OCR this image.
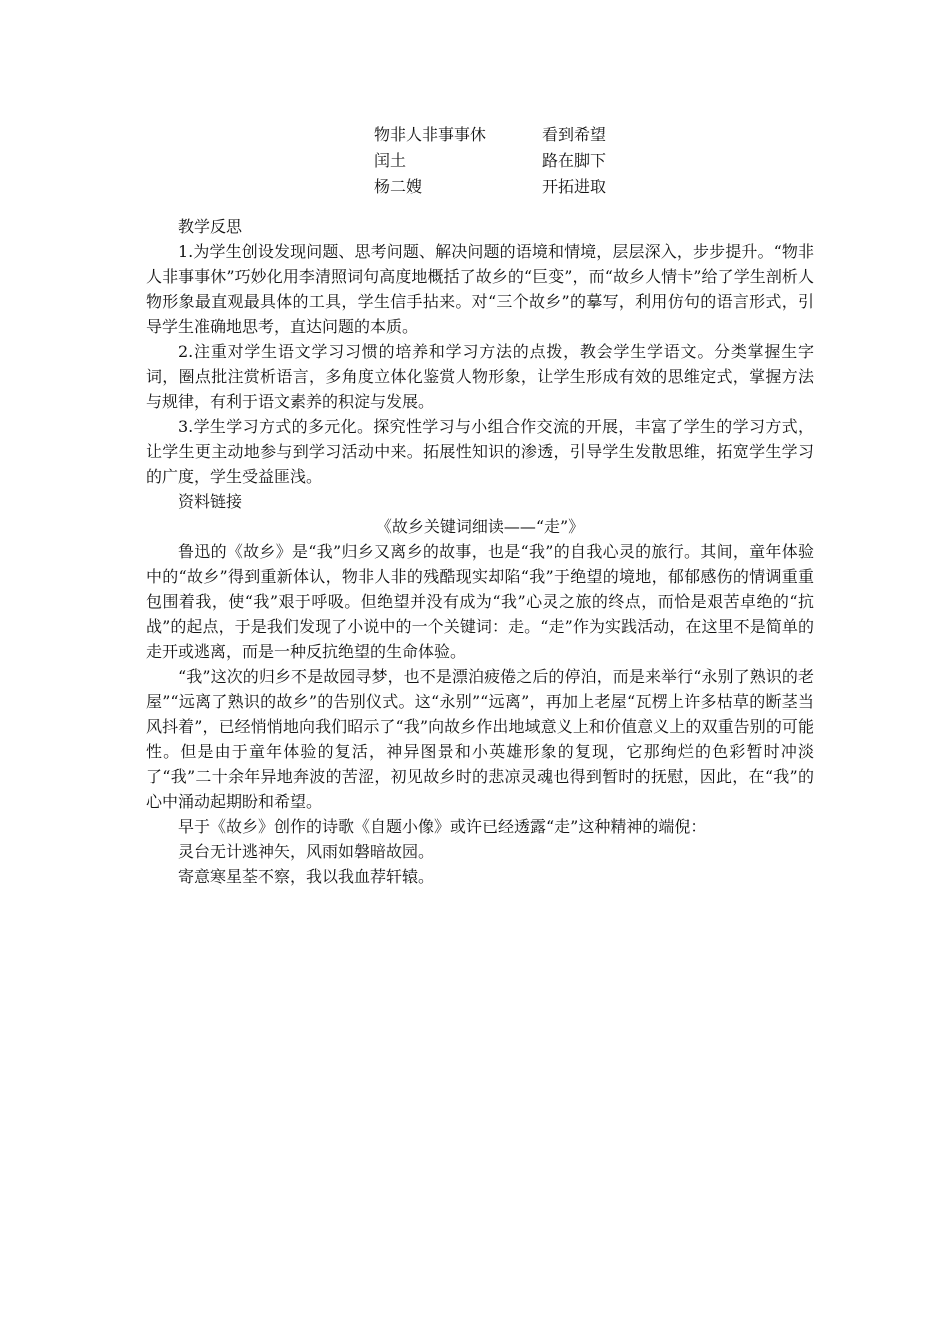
物非人非事事休	看到希望
闰土	路在脚下
杨二嫂	开拓进取
教学反思

1.为学生创设发现问题、思考问题、解决问题的语境和情境，层层深入，步步提升。“物非人非事事休”巧妙化用李清照词句高度地概括了故乡的“巨变”，而“故乡人情卡”给了学生剖析人物形象最直观最具体的工具，学生信手拈来。对“三个故乡”的摹写，利用仿句的语言形式，引导学生准确地思考，直达问题的本质。

2.注重对学生语文学习习惯的培养和学习方法的点拨，教会学生学语文。分类掌握生字词，圈点批注赏析语言，多角度立体化鉴赏人物形象，让学生形成有效的思维定式，掌握方法与规律，有利于语文素养的积淀与发展。

3.学生学习方式的多元化。探究性学习与小组合作交流的开展，丰富了学生的学习方式，让学生更主动地参与到学习活动中来。拓展性知识的渗透，引导学生发散思维，拓宽学生学习的广度，学生受益匪浅。

资料链接
《故乡关键词细读——“走”》

鲁迅的《故乡》是“我”归乡又离乡的故事，也是“我”的自我心灵的旅行。其间，童年体验中的“故乡”得到重新体认，物非人非的残酷现实却陷“我”于绝望的境地，郁郁感伤的情调重重包围着我，使“我”艰于呼吸。但绝望并没有成为“我”心灵之旅的终点，而恰是艰苦卓绝的“抗战”的起点，于是我们发现了小说中的一个关键词：走。“走”作为实践活动，在这里不是简单的走开或逃离，而是一种反抗绝望的生命体验。

“我”这次的归乡不是故园寻梦，也不是漂泊疲倦之后的停泊，而是来举行“永别了熟识的老屋”“远离了熟识的故乡”的告别仪式。这“永别”“远离”，再加上老屋“瓦楞上许多枯草的断茎当风抖着”，已经悄悄地向我们昭示了“我”向故乡作出地域意义上和价值意义上的双重告别的可能性。但是由于童年体验的复活，神异图景和小英雄形象的复现，它那绚烂的色彩暂时冲淡了“我”二十余年异地奔波的苦涩，初见故乡时的悲凉灵魂也得到暂时的抚慰，因此，在“我”的心中涌动起期盼和希望。

早于《故乡》创作的诗歌《自题小像》或许已经透露“走”这种精神的端倪：

灵台无计逃神矢，风雨如磐暗故园。
寄意寒星荃不察，我以我血荐轩辕。
